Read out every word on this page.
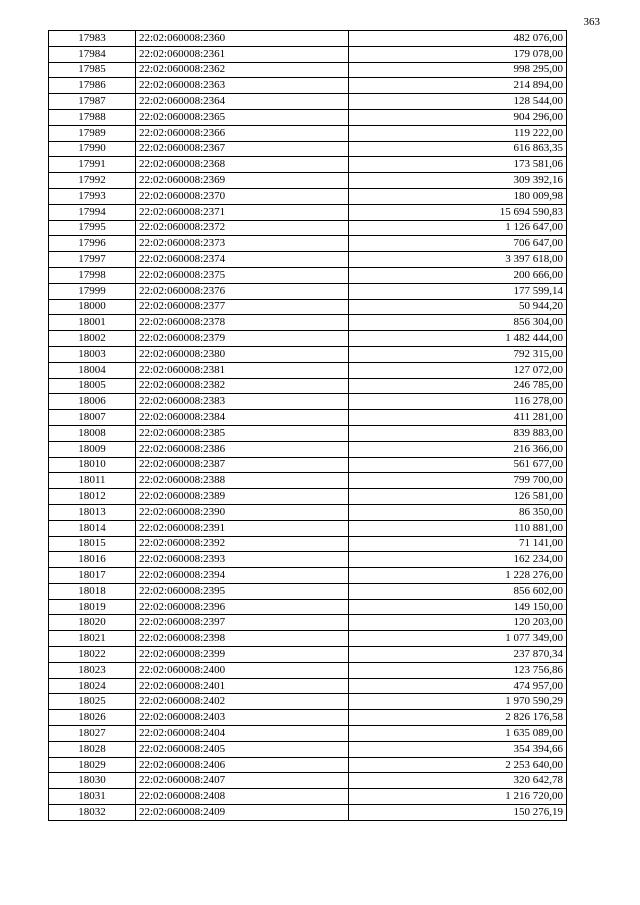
363
17983	22:02:060008:2360	482 076,00
17984	22:02:060008:2361	179 078,00
17985	22:02:060008:2362	998 295,00
17986	22:02:060008:2363	214 894,00
17987	22:02:060008:2364	128 544,00
17988	22:02:060008:2365	904 296,00
17989	22:02:060008:2366	119 222,00
17990	22:02:060008:2367	616 863,35
17991	22:02:060008:2368	173 581,06
17992	22:02:060008:2369	309 392,16
17993	22:02:060008:2370	180 009,98
17994	22:02:060008:2371	15 694 590,83
17995	22:02:060008:2372	1 126 647,00
17996	22:02:060008:2373	706 647,00
17997	22:02:060008:2374	3 397 618,00
17998	22:02:060008:2375	200 666,00
17999	22:02:060008:2376	177 599,14
18000	22:02:060008:2377	50 944,20
18001	22:02:060008:2378	856 304,00
18002	22:02:060008:2379	1 482 444,00
18003	22:02:060008:2380	792 315,00
18004	22:02:060008:2381	127 072,00
18005	22:02:060008:2382	246 785,00
18006	22:02:060008:2383	116 278,00
18007	22:02:060008:2384	411 281,00
18008	22:02:060008:2385	839 883,00
18009	22:02:060008:2386	216 366,00
18010	22:02:060008:2387	561 677,00
18011	22:02:060008:2388	799 700,00
18012	22:02:060008:2389	126 581,00
18013	22:02:060008:2390	86 350,00
18014	22:02:060008:2391	110 881,00
18015	22:02:060008:2392	71 141,00
18016	22:02:060008:2393	162 234,00
18017	22:02:060008:2394	1 228 276,00
18018	22:02:060008:2395	856 602,00
18019	22:02:060008:2396	149 150,00
18020	22:02:060008:2397	120 203,00
18021	22:02:060008:2398	1 077 349,00
18022	22:02:060008:2399	237 870,34
18023	22:02:060008:2400	123 756,86
18024	22:02:060008:2401	474 957,00
18025	22:02:060008:2402	1 970 590,29
18026	22:02:060008:2403	2 826 176,58
18027	22:02:060008:2404	1 635 089,00
18028	22:02:060008:2405	354 394,66
18029	22:02:060008:2406	2 253 640,00
18030	22:02:060008:2407	320 642,78
18031	22:02:060008:2408	1 216 720,00
18032	22:02:060008:2409	150 276,19
